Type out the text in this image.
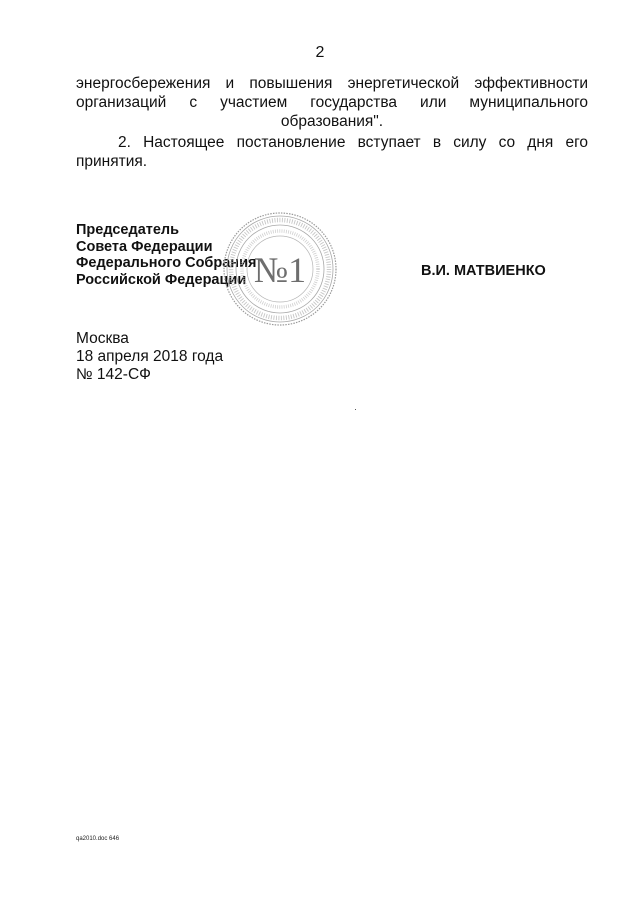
2
энергосбережения и повышения энергетической эффективности
организаций с участием государства или муниципального
образования".
2. Настоящее постановление вступает в силу со дня его
принятия.
Председатель
Совета Федерации
Федерального Собрания
Российской Федерации №1	В.И. МАТВИЕНКО
Москва
18 апреля 2018 года
№ 142-СФ
qa2010.doc 646
